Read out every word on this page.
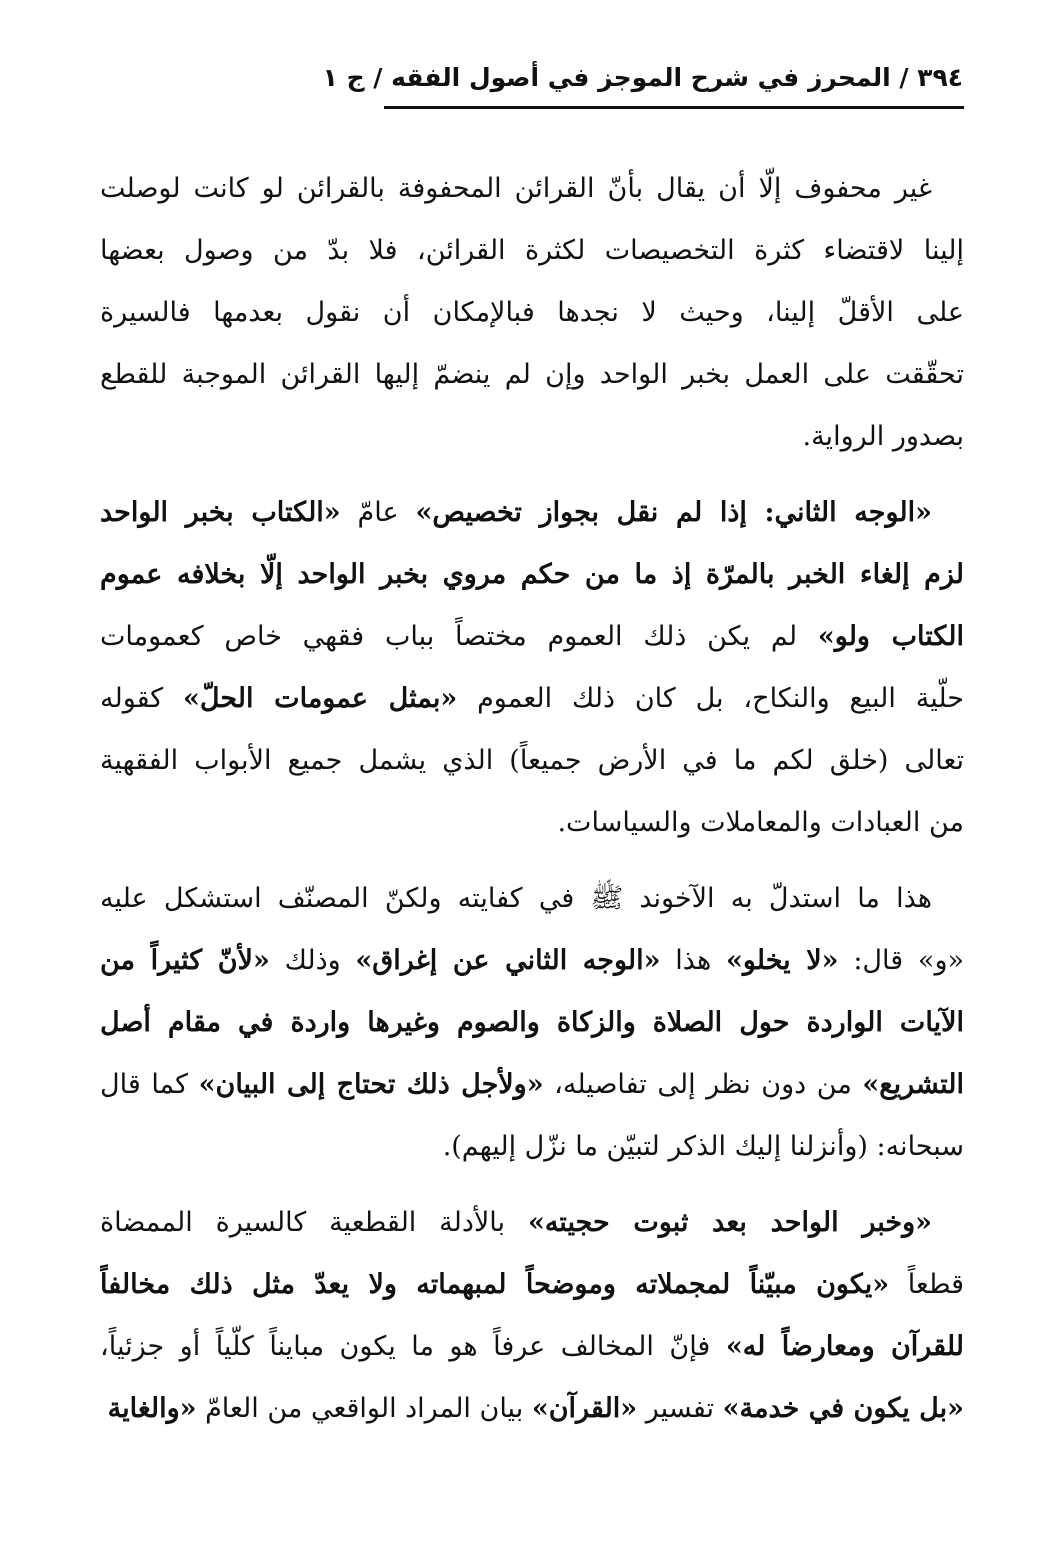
٣٩٤ / المحرز في شرح الموجز في أصول الفقه / ج ١
غير محفوف إلّا أن يقال بأنّ القرائن المحفوفة بالقرائن لو كانت لوصلت
إلينا لاقتضاء كثرة التخصيصات لكثرة القرائن، فلا بدّ من وصول بعضها
على الأقلّ إلينا، وحيث لا نجدها فبالإمكان أن نقول بعدمها فالسيرة
تحقّقت على العمل بخبر الواحد وإن لم ينضمّ إليها القرائن الموجبة للقطع
بصدور الرواية.
«الوجه الثاني: إذا لم نقل بجواز تخصيص» عامّ «الكتاب بخبر الواحد
لزم إلغاء الخبر بالمرّة إذ ما من حكم مروي بخبر الواحد إلّا بخلافه عموم
الكتاب ولو» لم يكن ذلك العموم مختصاً بباب فقهي خاص كعمومات
حلّية البيع والنكاح، بل كان ذلك العموم «بمثل عمومات الحلّ» كقوله
تعالى (خلق لكم ما في الأرض جميعاً) الذي يشمل جميع الأبواب الفقهية
من العبادات والمعاملات والسياسات.
هذا ما استدلّ به الآخوند ﷺ في كفايته ولكنّ المصنّف استشكل عليه
«و» قال: «لا يخلو» هذا «الوجه الثاني عن إغراق» وذلك «لأنّ كثيراً من
الآيات الواردة حول الصلاة والزكاة والصوم وغيرها واردة في مقام أصل
التشريع» من دون نظر إلى تفاصيله، «ولأجل ذلك تحتاج إلى البيان» كما قال
سبحانه: (وأنزلنا إليك الذكر لتبيّن ما نزّل إليهم).
«وخبر الواحد بعد ثبوت حجيته» بالأدلة القطعية كالسيرة الممضاة
قطعاً «يكون مبيّناً لمجملاته وموضحاً لمبهماته ولا يعدّ مثل ذلك مخالفاً
للقرآن ومعارضاً له» فإنّ المخالف عرفاً هو ما يكون مبايناً كلّياً أو جزئياً،
«بل يكون في خدمة» تفسير «القرآن» بيان المراد الواقعي من العامّ «والغاية
